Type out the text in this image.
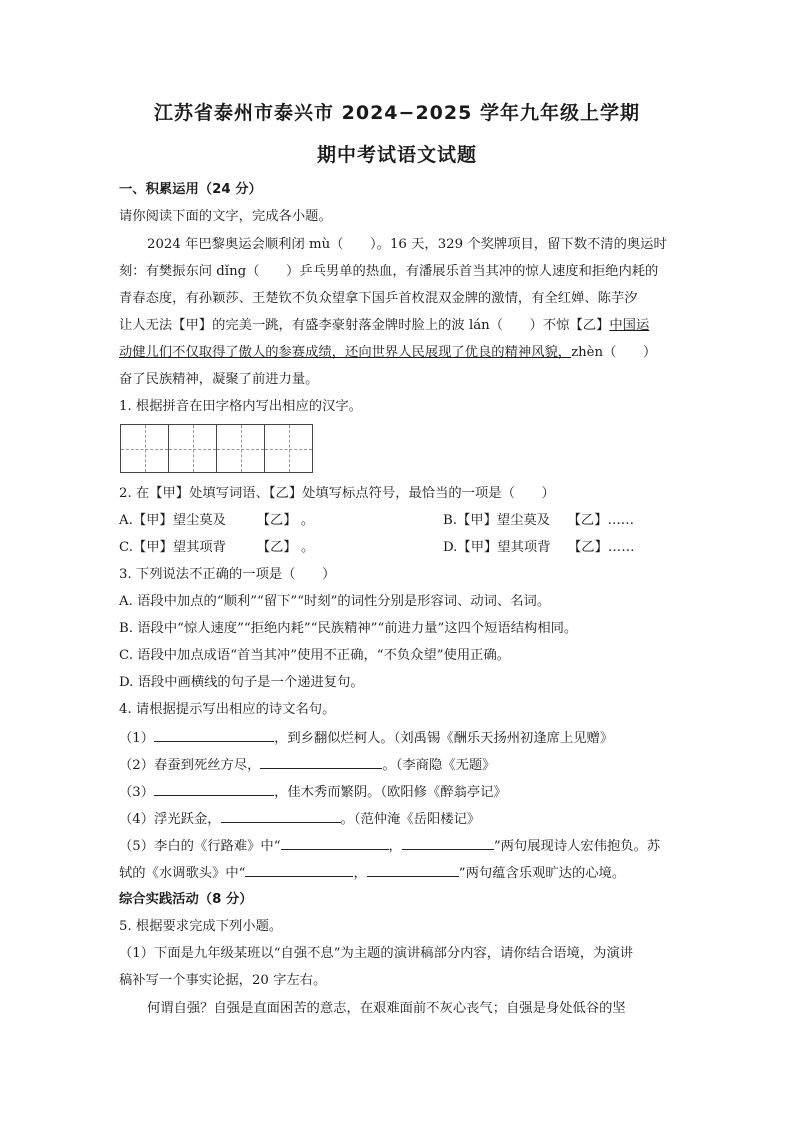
江苏省泰州市泰兴市 2024−2025 学年九年级上学期
期中考试语文试题
一、积累运用（24 分）
请你阅读下面的文字，完成各小题。
2024 年巴黎奥运会顺利闭 mù（　　）。16 天，329 个奖牌项目，留下数不清的奥运时
刻：有樊振东问 dǐng（　　）乒乓男单的热血，有潘展乐首当其冲的惊人速度和拒绝内耗的
青春态度，有孙颖莎、王楚钦不负众望拿下国乒首枚混双金牌的激情，有全红婵、陈芋汐
让人无法【甲】的完美一跳，有盛李豪射落金牌时脸上的波 lán（　　）不惊【乙】中国运
动健儿们不仅取得了傲人的参赛成绩，还向世界人民展现了优良的精神风貌，zhèn（　　）
奋了民族精神，凝聚了前进力量。
1. 根据拼音在田字格内写出相应的汉字。
2. 在【甲】处填写词语、【乙】处填写标点符号，最恰当的一项是（　　）
A.【甲】望尘莫及　　 【乙】 。	B.【甲】望尘莫及　 【乙】……
C.【甲】望其项背　　 【乙】 。	D.【甲】望其项背　 【乙】……
3. 下列说法不正确的一项是（　　）
A. 语段中加点的“顺利”“留下”“时刻”的词性分别是形容词、动词、名词。
B. 语段中“惊人速度”“拒绝内耗”“民族精神”“前进力量”这四个短语结构相同。
C. 语段中加点成语“首当其冲”使用不正确，“不负众望”使用正确。
D. 语段中画横线的句子是一个递进复句。
4. 请根据提示写出相应的诗文名句。
（1）	，到乡翻似烂柯人。（刘禹锡《酬乐天扬州初逢席上见赠》
（2）春蚕到死丝方尽，	。（李商隐《无题》
（3）	，佳木秀而繁阴。（欧阳修《醉翁亭记》
（4）浮光跃金，	。（范仲淹《岳阳楼记》
（5）李白的《行路难》中“	，	”两句展现诗人宏伟抱负。苏
轼的《水调歌头》中“	，	”两句蕴含乐观旷达的心境。
综合实践活动（8 分）
5. 根据要求完成下列小题。
（1）下面是九年级某班以“自强不息”为主题的演讲稿部分内容，请你结合语境，为演讲
稿补写一个事实论据，20 字左右。
何谓自强？自强是直面困苦的意志，在艰难面前不灰心丧气；自强是身处低谷的坚
